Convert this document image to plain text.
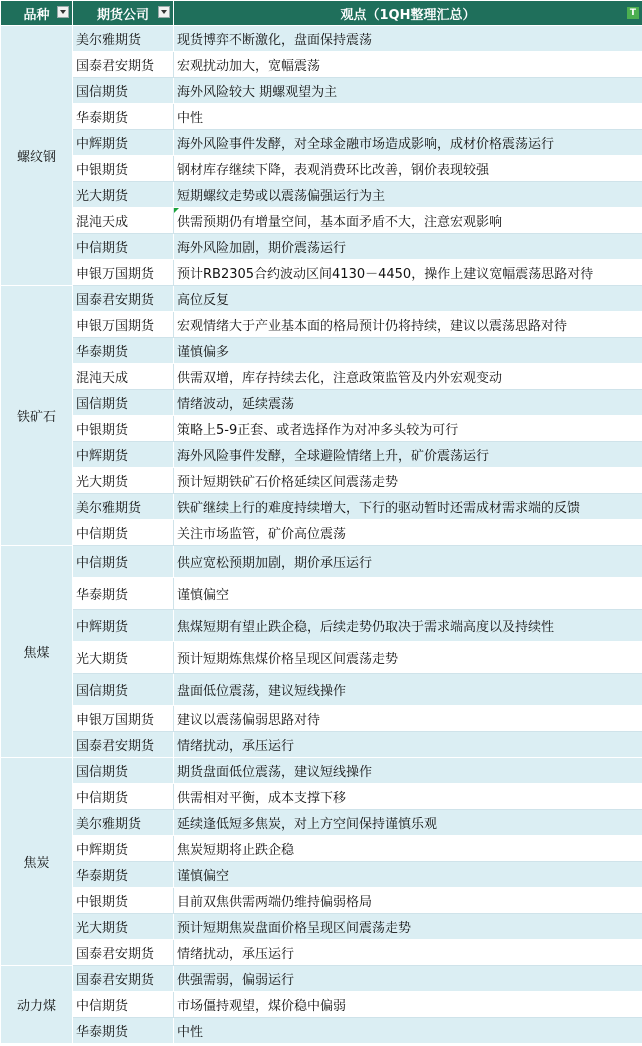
品种	期货公司	观点（1QH整理汇总） T

螺纹钢	美尔雅期货	现货博弈不断激化，盘面保持震荡
	国泰君安期货	宏观扰动加大，宽幅震荡
	国信期货	海外风险较大 期螺观望为主
	华泰期货	中性
	中辉期货	海外风险事件发酵，对全球金融市场造成影响，成材价格震荡运行
	中银期货	钢材库存继续下降，表观消费环比改善，钢价表现较强
	光大期货	短期螺纹走势或以震荡偏强运行为主
	混沌天成	供需预期仍有增量空间，基本面矛盾不大，注意宏观影响

	中信期货	海外风险加剧，期价震荡运行
	申银万国期货	预计RB2305合约波动区间4130－4450，操作上建议宽幅震荡思路对待
铁矿石	国泰君安期货	高位反复
	申银万国期货	宏观情绪大于产业基本面的格局预计仍将持续，建议以震荡思路对待
	华泰期货	谨慎偏多
	混沌天成	供需双增，库存持续去化，注意政策监管及内外宏观变动
	国信期货	情绪波动，延续震荡
	中银期货	策略上5-9正套、或者选择作为对冲多头较为可行
	中辉期货	海外风险事件发酵，全球避险情绪上升，矿价震荡运行
	光大期货	预计短期铁矿石价格延续区间震荡走势
	美尔雅期货	铁矿继续上行的难度持续增大，下行的驱动暂时还需成材需求端的反馈
	中信期货	关注市场监管，矿价高位震荡
焦煤	中信期货	供应宽松预期加剧，期价承压运行
	华泰期货	谨慎偏空
	中辉期货	焦煤短期有望止跌企稳，后续走势仍取决于需求端高度以及持续性
	光大期货	预计短期炼焦煤价格呈现区间震荡走势
	国信期货	盘面低位震荡，建议短线操作
	申银万国期货	建议以震荡偏弱思路对待
	国泰君安期货	情绪扰动，承压运行
焦炭	国信期货	期货盘面低位震荡，建议短线操作
	中信期货	供需相对平衡，成本支撑下移
	美尔雅期货	延续逢低短多焦炭，对上方空间保持谨慎乐观
	中辉期货	焦炭短期将止跌企稳
	华泰期货	谨慎偏空
	中银期货	目前双焦供需两端仍维持偏弱格局
	光大期货	预计短期焦炭盘面价格呈现区间震荡走势
	国泰君安期货	情绪扰动，承压运行
动力煤	国泰君安期货	供强需弱，偏弱运行
	中信期货	市场僵持观望，煤价稳中偏弱
	华泰期货	中性
